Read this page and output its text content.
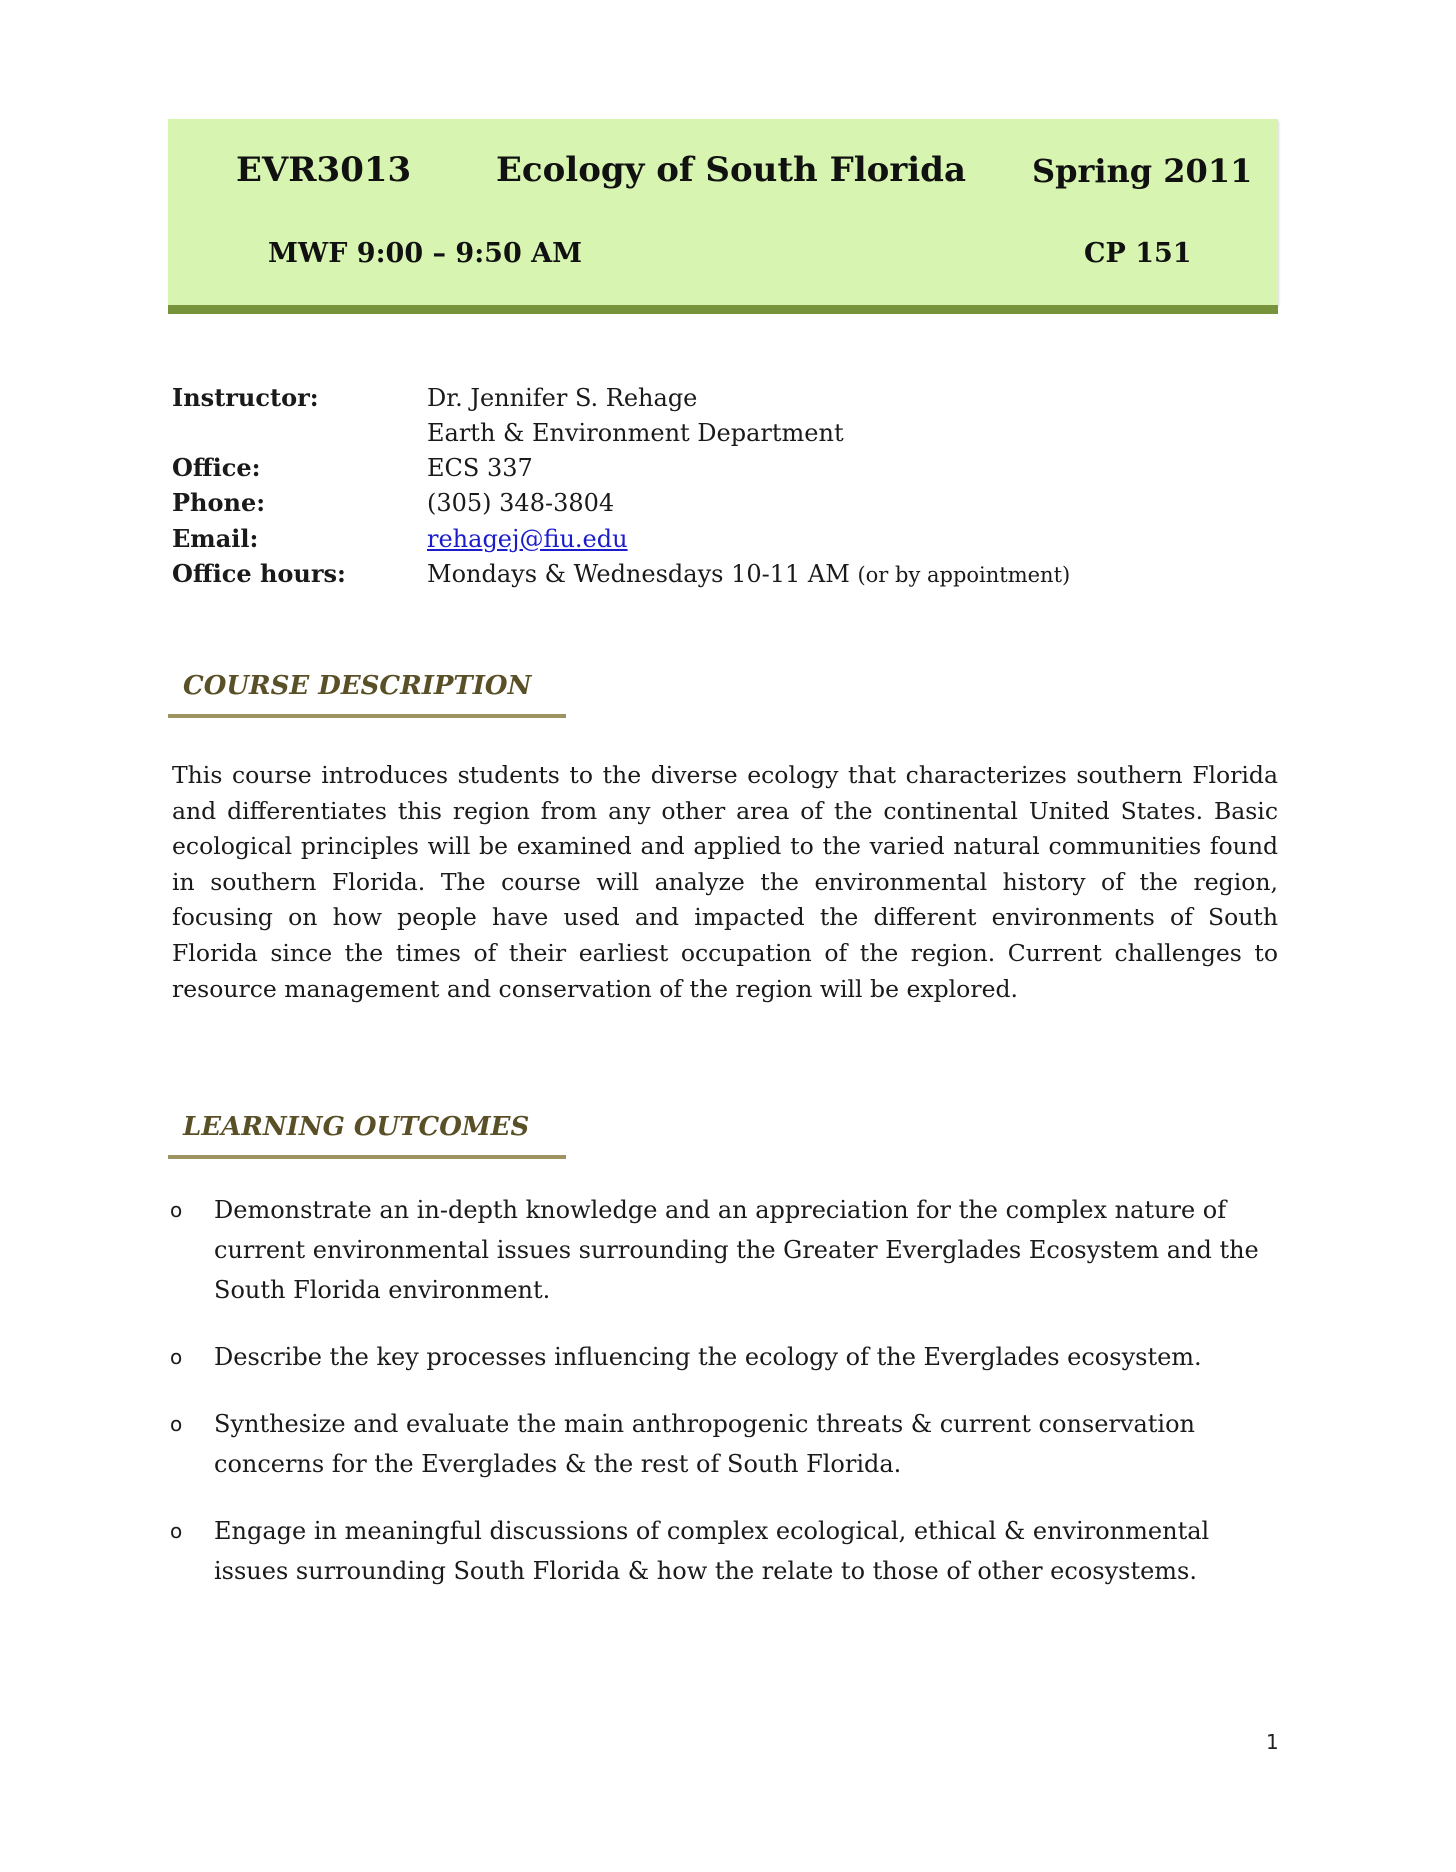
EVR3013 Ecology of South Florida Spring 2011
MWF 9:00 – 9:50 AM	CP 151
Instructor:	Dr. Jennifer S. Rehage
Earth & Environment Department
Office:	ECS 337
Phone:	(305) 348-3804
Email:	rehagej@fiu.edu
Office hours:	Mondays & Wednesdays 10-11 AM (or by appointment)
COURSE DESCRIPTION
This course introduces students to the diverse ecology that characterizes southern Florida and differentiates this region from any other area of the continental United States. Basic ecological principles will be examined and applied to the varied natural communities found in southern Florida. The course will analyze the environmental history of the region, focusing on how people have used and impacted the different environments of South Florida since the times of their earliest occupation of the region. Current challenges to resource management and conservation of the region will be explored.
LEARNING OUTCOMES
o Demonstrate an in-depth knowledge and an appreciation for the complex nature of current environmental issues surrounding the Greater Everglades Ecosystem and the South Florida environment.
o Describe the key processes influencing the ecology of the Everglades ecosystem.
o Synthesize and evaluate the main anthropogenic threats & current conservation concerns for the Everglades & the rest of South Florida.
o Engage in meaningful discussions of complex ecological, ethical & environmental issues surrounding South Florida & how the relate to those of other ecosystems.
1
